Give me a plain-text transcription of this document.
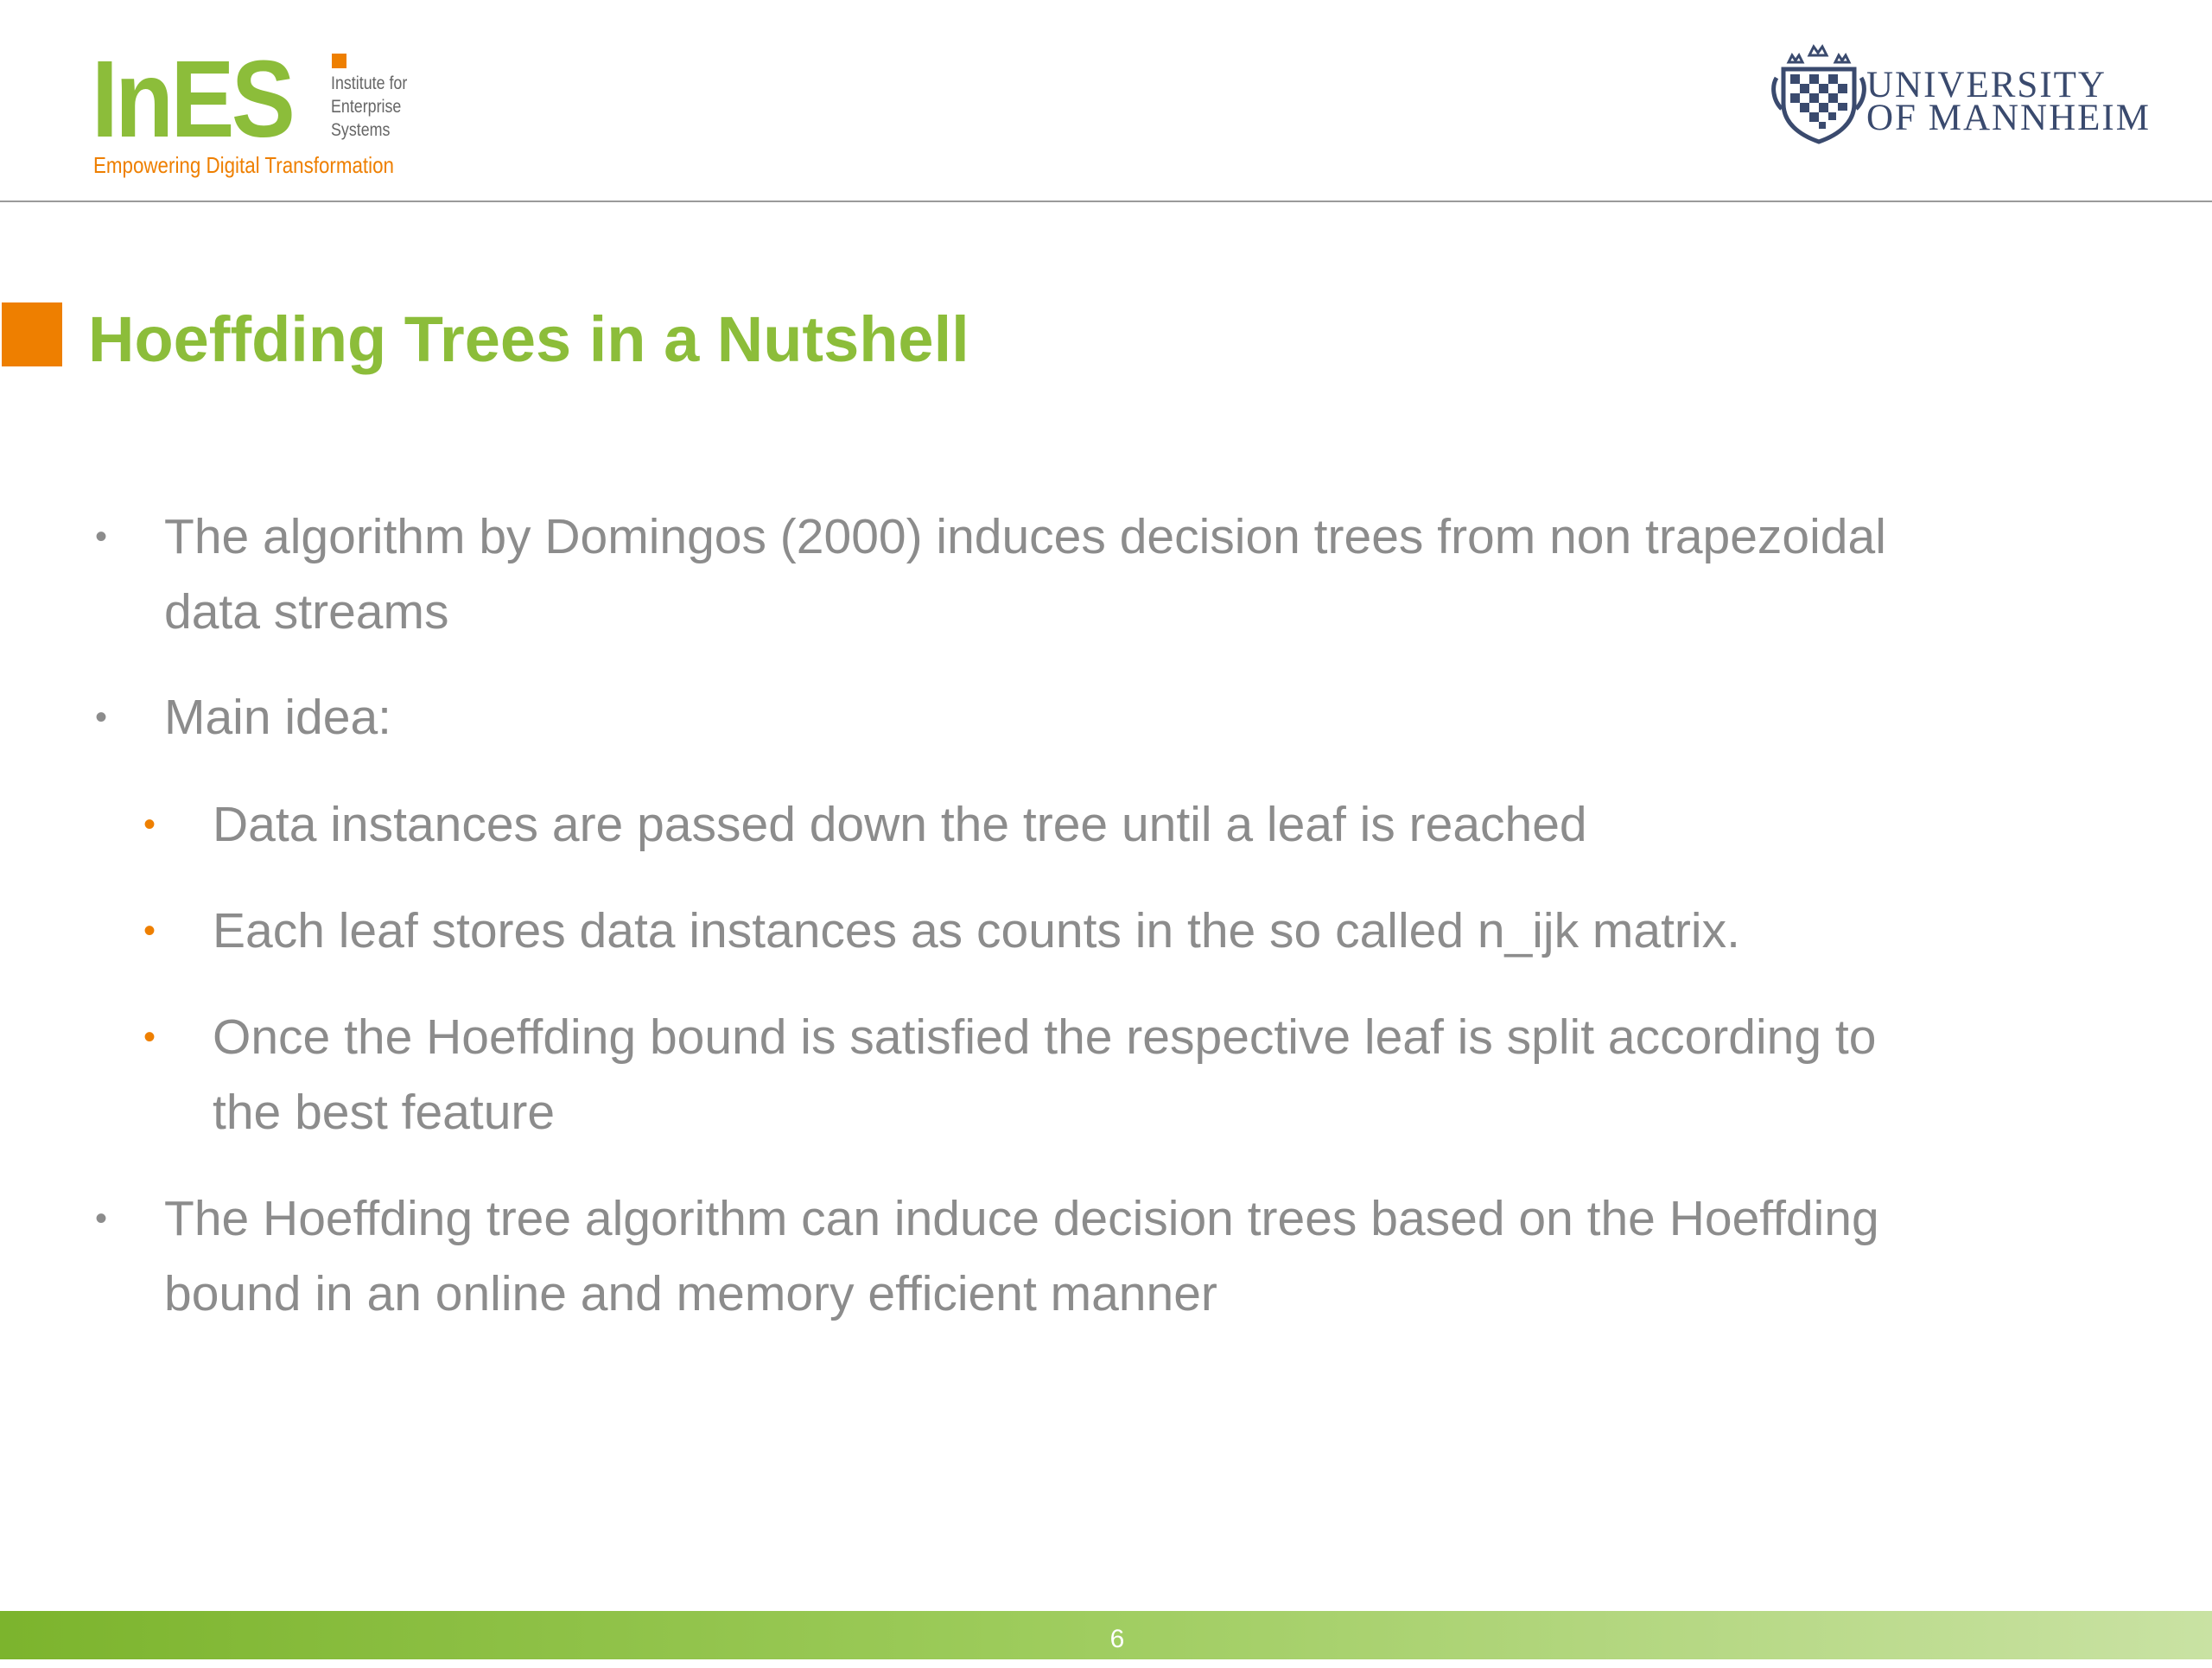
InES Institute for
Enterprise
Systems
Empowering Digital Transformation
UNIVERSITY
OF MANNHEIM
Hoeffding Trees in a Nutshell
• The algorithm by Domingos (2000) induces decision trees from non trapezoidal
data streams
• Main idea:
• Data instances are passed down the tree until a leaf is reached
• Each leaf stores data instances as counts in the so called n_ijk matrix.
• Once the Hoeffding bound is satisfied the respective leaf is split according to
the best feature
• The Hoeffding tree algorithm can induce decision trees based on the Hoeffding
bound in an online and memory efficient manner
6
